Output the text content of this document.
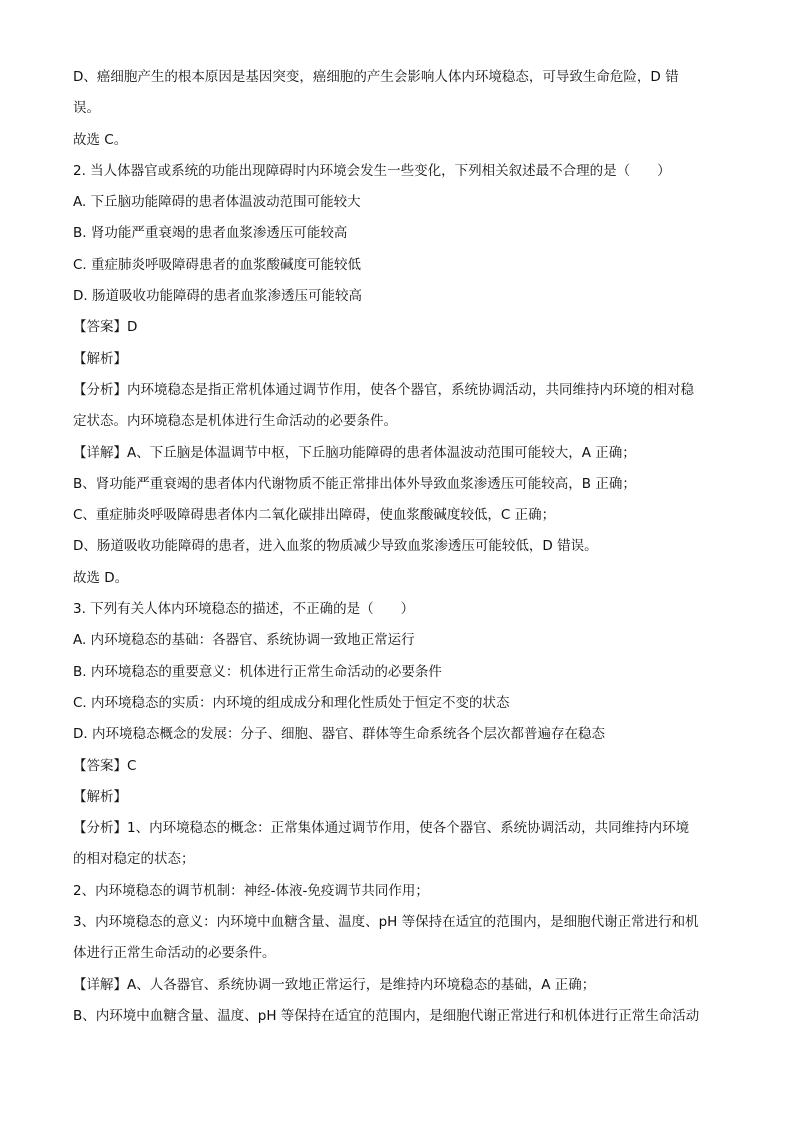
D、癌细胞产生的根本原因是基因突变，癌细胞的产生会影响人体内环境稳态，可导致生命危险，D 错
误。
故选 C。
2. 当人体器官或系统的功能出现障碍时内环境会发生一些变化，下列相关叙述最不合理的是（　　）
A. 下丘脑功能障碍的患者体温波动范围可能较大
B. 肾功能严重衰竭的患者血浆渗透压可能较高
C. 重症肺炎呼吸障碍患者的血浆酸碱度可能较低
D. 肠道吸收功能障碍的患者血浆渗透压可能较高
【答案】D
【解析】
【分析】内环境稳态是指正常机体通过调节作用，使各个器官，系统协调活动，共同维持内环境的相对稳
定状态。内环境稳态是机体进行生命活动的必要条件。
【详解】A、下丘脑是体温调节中枢，下丘脑功能障碍的患者体温波动范围可能较大，A 正确；
B、肾功能严重衰竭的患者体内代谢物质不能正常排出体外导致血浆渗透压可能较高，B 正确；
C、重症肺炎呼吸障碍患者体内二氧化碳排出障碍，使血浆酸碱度较低，C 正确；
D、肠道吸收功能障碍的患者，进入血浆的物质减少导致血浆渗透压可能较低，D 错误。
故选 D。
3. 下列有关人体内环境稳态的描述，不正确的是（　　）
A. 内环境稳态的基础：各器官、系统协调一致地正常运行
B. 内环境稳态的重要意义：机体进行正常生命活动的必要条件
C. 内环境稳态的实质：内环境的组成成分和理化性质处于恒定不变的状态
D. 内环境稳态概念的发展：分子、细胞、器官、群体等生命系统各个层次都普遍存在稳态
【答案】C
【解析】
【分析】1、内环境稳态的概念：正常集体通过调节作用，使各个器官、系统协调活动，共同维持内环境
的相对稳定的状态；
2、内环境稳态的调节机制：神经-体液-免疫调节共同作用；
3、内环境稳态的意义：内环境中血糖含量、温度、pH 等保持在适宜的范围内，是细胞代谢正常进行和机
体进行正常生命活动的必要条件。
【详解】A、人各器官、系统协调一致地正常运行，是维持内环境稳态的基础，A 正确；
B、内环境中血糖含量、温度、pH 等保持在适宜的范围内，是细胞代谢正常进行和机体进行正常生命活动
